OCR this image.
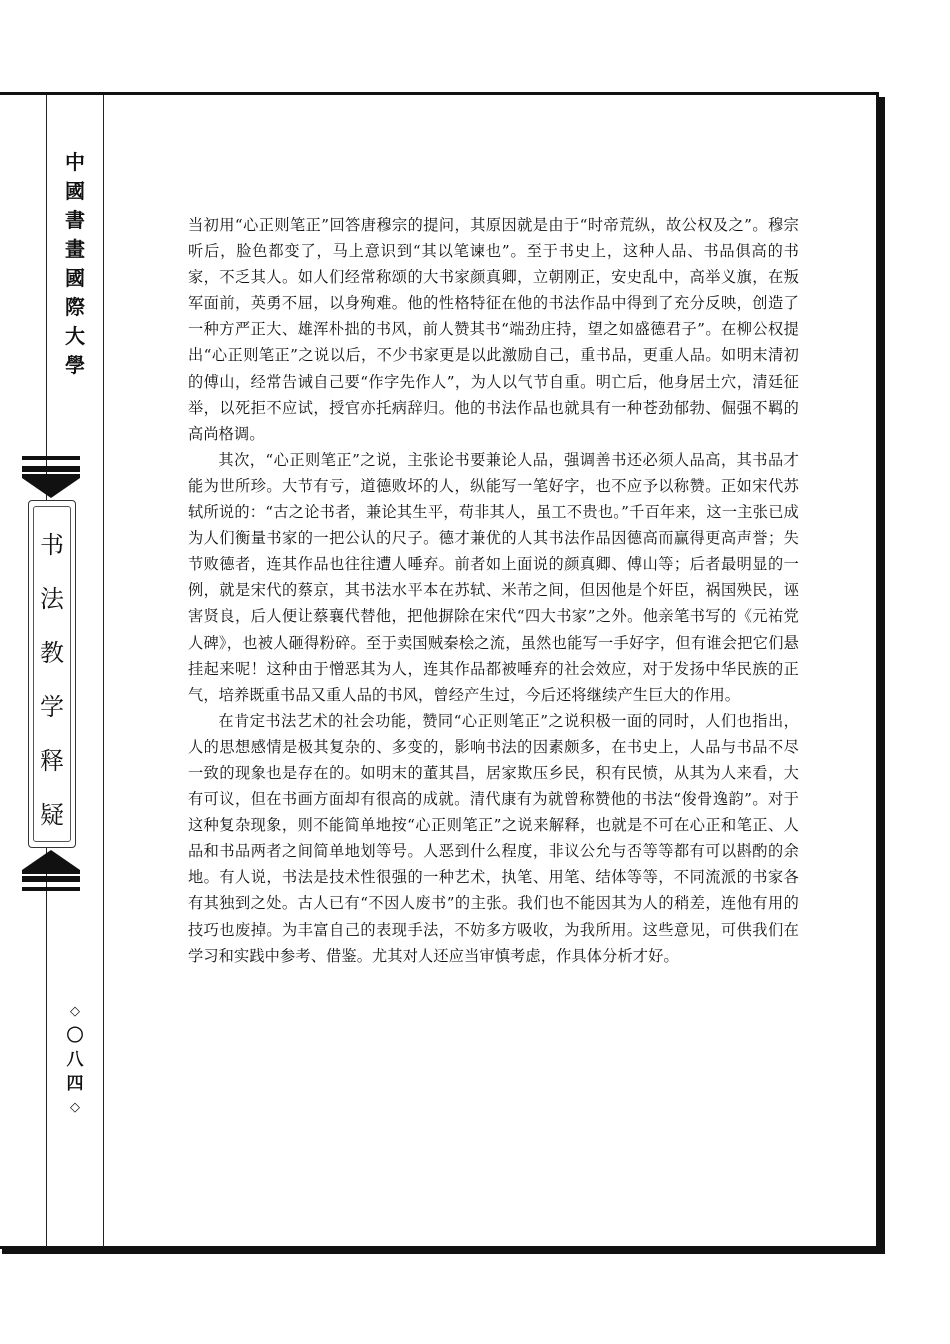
中
國
書
畫
國
際
大
學
书
法
教
学
释
疑
◇
〇
八
四
◇

当初用“心正则笔正”回答唐穆宗的提问，其原因就是由于“时帝荒纵，故公权及之”。穆宗听后，脸色都变了，马上意识到“其以笔谏也”。至于书史上，这种人品、书品俱高的书家，不乏其人。如人们经常称颂的大书家颜真卿，立朝刚正，安史乱中，高举义旗，在叛军面前，英勇不屈，以身殉难。他的性格特征在他的书法作品中得到了充分反映，创造了一种方严正大、雄浑朴拙的书风，前人赞其书“端劲庄持，望之如盛德君子”。在柳公权提出“心正则笔正”之说以后，不少书家更是以此激励自己，重书品，更重人品。如明末清初的傅山，经常告诫自己要“作字先作人”，为人以气节自重。明亡后，他身居土穴，清廷征举，以死拒不应试，授官亦托病辞归。他的书法作品也就具有一种苍劲郁勃、倔强不羁的高尚格调。

其次，“心正则笔正”之说，主张论书要兼论人品，强调善书还必须人品高，其书品才能为世所珍。大节有亏，道德败坏的人，纵能写一笔好字，也不应予以称赞。正如宋代苏轼所说的：“古之论书者，兼论其生平，苟非其人，虽工不贵也。”千百年来，这一主张已成为人们衡量书家的一把公认的尺子。德才兼优的人其书法作品因德高而赢得更高声誉；失节败德者，连其作品也往往遭人唾弃。前者如上面说的颜真卿、傅山等；后者最明显的一例，就是宋代的蔡京，其书法水平本在苏轼、米芾之间，但因他是个奸臣，祸国殃民，诬害贤良，后人便让蔡襄代替他，把他摒除在宋代“四大书家”之外。他亲笔书写的《元祐党人碑》，也被人砸得粉碎。至于卖国贼秦桧之流，虽然也能写一手好字，但有谁会把它们悬挂起来呢！这种由于憎恶其为人，连其作品都被唾弃的社会效应，对于发扬中华民族的正气，培养既重书品又重人品的书风，曾经产生过，今后还将继续产生巨大的作用。

在肯定书法艺术的社会功能，赞同“心正则笔正”之说积极一面的同时，人们也指出，人的思想感情是极其复杂的、多变的，影响书法的因素颇多，在书史上，人品与书品不尽一致的现象也是存在的。如明末的董其昌，居家欺压乡民，积有民愤，从其为人来看，大有可议，但在书画方面却有很高的成就。清代康有为就曾称赞他的书法“俊骨逸韵”。对于这种复杂现象，则不能简单地按“心正则笔正”之说来解释，也就是不可在心正和笔正、人品和书品两者之间简单地划等号。人恶到什么程度，非议公允与否等等都有可以斟酌的余地。有人说，书法是技术性很强的一种艺术，执笔、用笔、结体等等，不同流派的书家各有其独到之处。古人已有“不因人废书”的主张。我们也不能因其为人的稍差，连他有用的技巧也废掉。为丰富自己的表现手法，不妨多方吸收，为我所用。这些意见，可供我们在学习和实践中参考、借鉴。尤其对人还应当审慎考虑，作具体分析才好。
